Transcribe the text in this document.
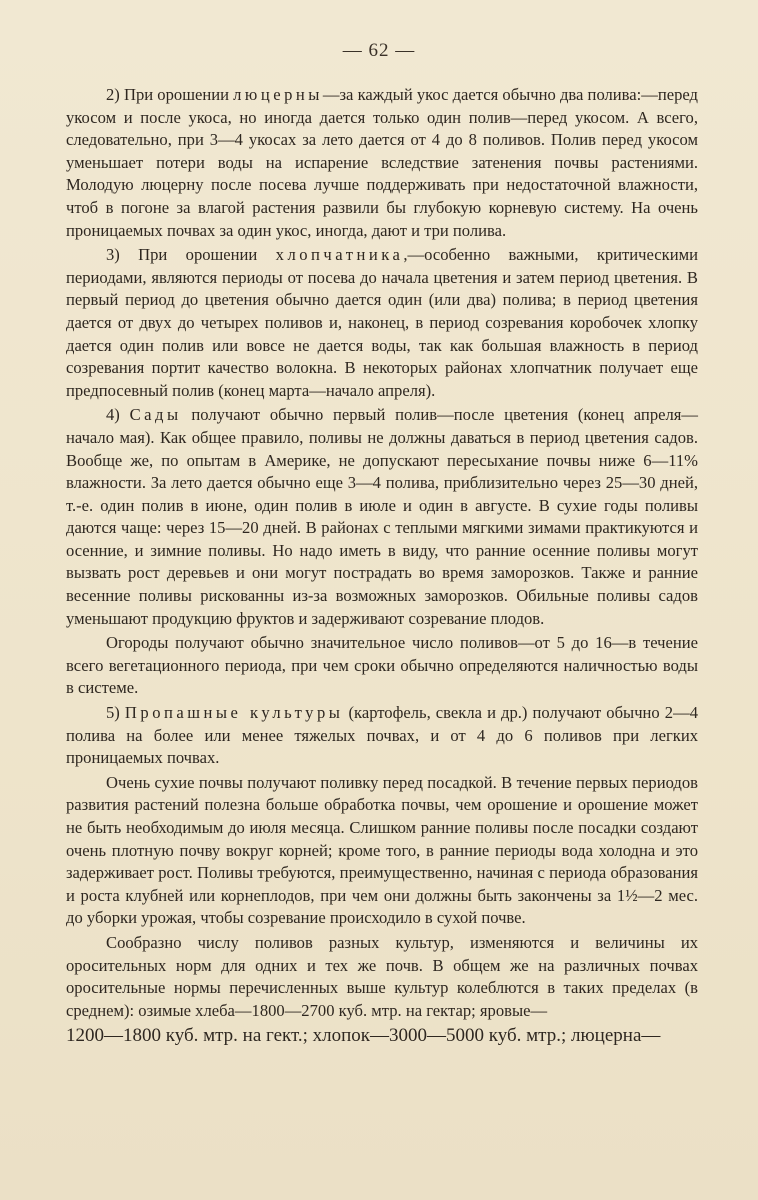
— 62 —

2) При орошении люцерны—за каждый укос дается обычно два полива:—перед укосом и после укоса, но иногда дается только один полив—перед укосом. А всего, следовательно, при 3—4 укосах за лето дается от 4 до 8 поливов. Полив перед укосом уменьшает потери воды на испарение вследствие затенения почвы растениями. Молодую люцерну после посева лучше поддерживать при недостаточной влажности, чтоб в погоне за влагой растения развили бы глубокую корневую систему. На очень проницаемых почвах за один укос, иногда, дают и три полива.

3) При орошении хлопчатника,—особенно важными, критическими периодами, являются периоды от посева до начала цветения и затем период цветения. В первый период до цветения обычно дается один (или два) полива; в период цветения дается от двух до четырех поливов и, наконец, в период созревания коробочек хлопку дается один полив или вовсе не дается воды, так как большая влажность в период созревания портит качество волокна. В некоторых районах хлопчатник получает еще предпосевный полив (конец марта—начало апреля).

4) Сады получают обычно первый полив—после цветения (конец апреля—начало мая). Как общее правило, поливы не должны даваться в период цветения садов. Вообще же, по опытам в Америке, не допускают пересыхание почвы ниже 6—11% влажности. За лето дается обычно еще 3—4 полива, приблизительно через 25—30 дней, т.-е. один полив в июне, один полив в июле и один в августе. В сухие годы поливы даются чаще: через 15—20 дней. В районах с теплыми мягкими зимами практикуются и осенние, и зимние поливы. Но надо иметь в виду, что ранние осенние поливы могут вызвать рост деревьев и они могут пострадать во время заморозков. Также и ранние весенние поливы рискованны из-за возможных заморозков. Обильные поливы садов уменьшают продукцию фруктов и задерживают созревание плодов.

Огороды получают обычно значительное число поливов—от 5 до 16—в течение всего вегетационного периода, при чем сроки обычно определяются наличностью воды в системе.

5) Пропашные культуры (картофель, свекла и др.) получают обычно 2—4 полива на более или менее тяжелых почвах, и от 4 до 6 поливов при легких проницаемых почвах.

Очень сухие почвы получают поливку перед посадкой. В течение первых периодов развития растений полезна больше обработка почвы, чем орошение и орошение может не быть необходимым до июля месяца. Слишком ранние поливы после посадки создают очень плотную почву вокруг корней; кроме того, в ранние периоды вода холодна и это задерживает рост. Поливы требуются, преимущественно, начиная с периода образования и роста клубней или корнеплодов, при чем они должны быть закончены за 1½—2 мес. до уборки урожая, чтобы созревание происходило в сухой почве.

Сообразно числу поливов разных культур, изменяются и величины их оросительных норм для одних и тех же почв. В общем же на различных почвах оросительные нормы перечисленных выше культур колеблются в таких пределах (в среднем): озимые хлеба—1800—2700 куб. мтр. на гектар; яровые—

1200—1800 куб. мтр. на гект.; хлопок—3000—5000 куб. мтр.; люцерна—
